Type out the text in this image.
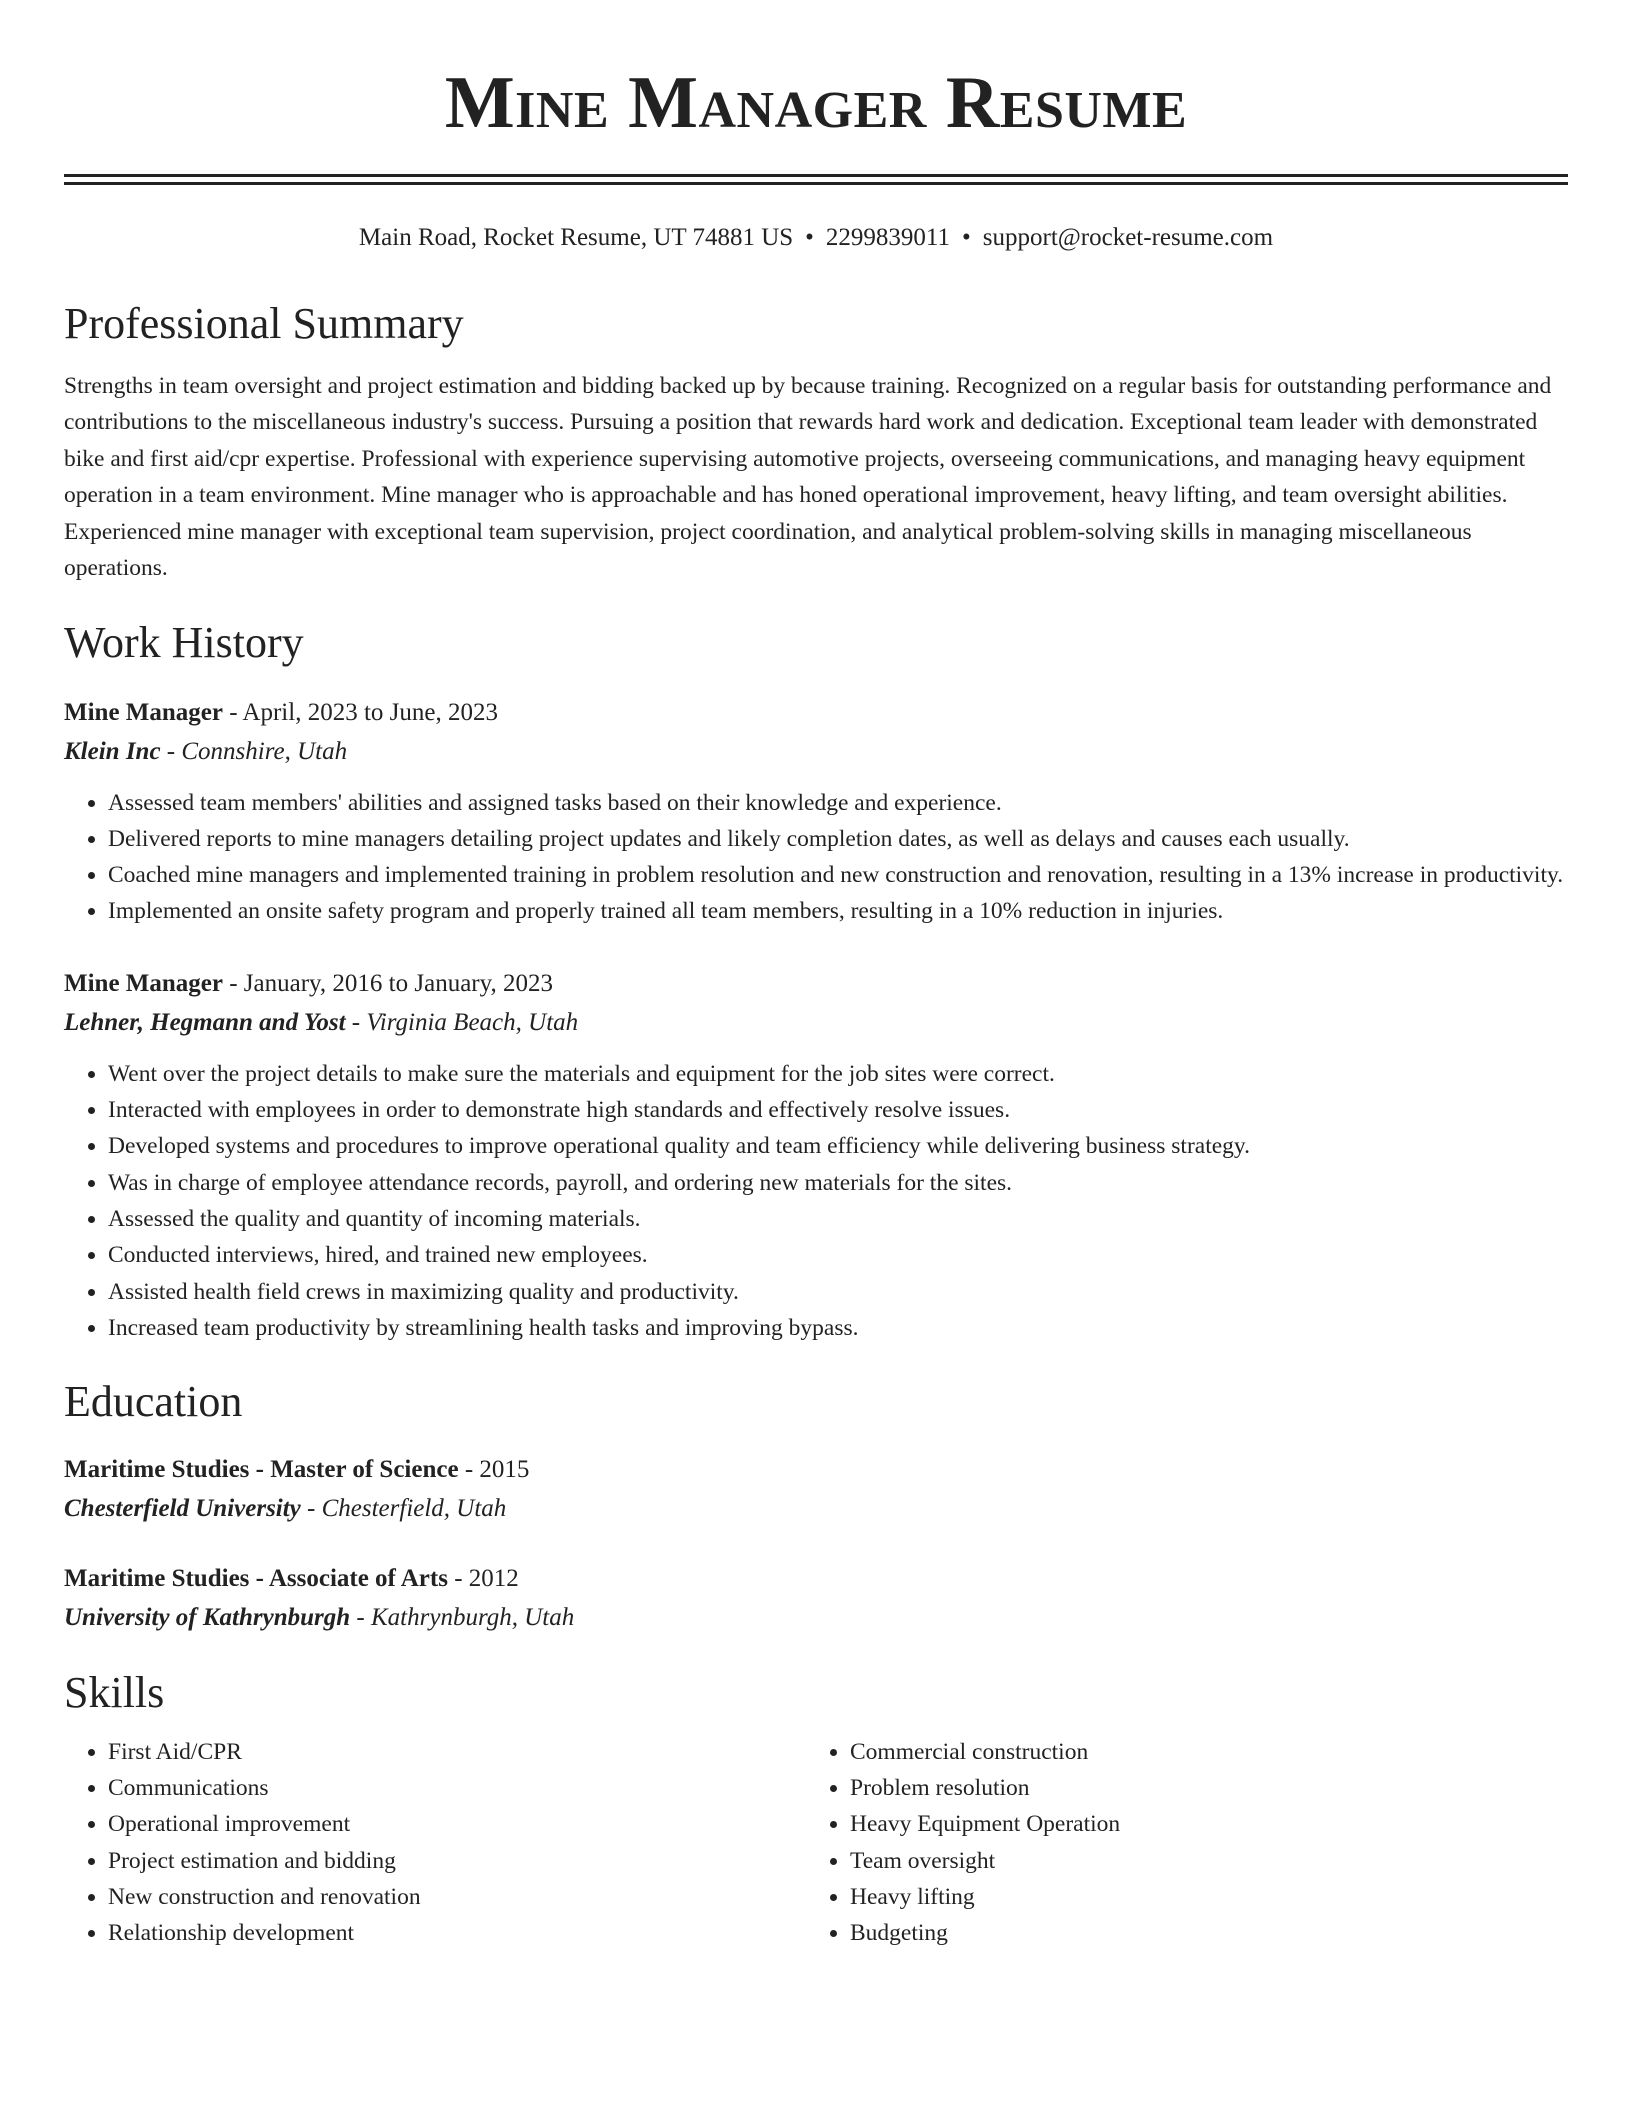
Mine Manager Resume
Main Road, Rocket Resume, UT 74881 US • 2299839011 • support@rocket-resume.com
Professional Summary

Strengths in team oversight and project estimation and bidding backed up by because training. Recognized on a regular basis for outstanding performance and contributions to the miscellaneous industry's success. Pursuing a position that rewards hard work and dedication. Exceptional team leader with demonstrated bike and first aid/cpr expertise. Professional with experience supervising automotive projects, overseeing communications, and managing heavy equipment operation in a team environment. Mine manager who is approachable and has honed operational improvement, heavy lifting, and team oversight abilities. Experienced mine manager with exceptional team supervision, project coordination, and analytical problem-solving skills in managing miscellaneous operations.

Work History
Mine Manager - April, 2023 to June, 2023
Klein Inc - Connshire, Utah
• Assessed team members' abilities and assigned tasks based on their knowledge and experience.
• Delivered reports to mine managers detailing project updates and likely completion dates, as well as delays and causes each usually.
• Coached mine managers and implemented training in problem resolution and new construction and renovation, resulting in a 13% increase in productivity.
• Implemented an onsite safety program and properly trained all team members, resulting in a 10% reduction in injuries.
Mine Manager - January, 2016 to January, 2023
Lehner, Hegmann and Yost - Virginia Beach, Utah
• Went over the project details to make sure the materials and equipment for the job sites were correct.
• Interacted with employees in order to demonstrate high standards and effectively resolve issues.
• Developed systems and procedures to improve operational quality and team efficiency while delivering business strategy.
• Was in charge of employee attendance records, payroll, and ordering new materials for the sites.
• Assessed the quality and quantity of incoming materials.
• Conducted interviews, hired, and trained new employees.
• Assisted health field crews in maximizing quality and productivity.
• Increased team productivity by streamlining health tasks and improving bypass.
Education
Maritime Studies - Master of Science - 2015
Chesterfield University - Chesterfield, Utah
Maritime Studies - Associate of Arts - 2012
University of Kathrynburgh - Kathrynburgh, Utah
Skills
• First Aid/CPR
• Communications
• Operational improvement
• Project estimation and bidding
• New construction and renovation
• Relationship development
• Commercial construction
• Problem resolution
• Heavy Equipment Operation
• Team oversight
• Heavy lifting
• Budgeting
